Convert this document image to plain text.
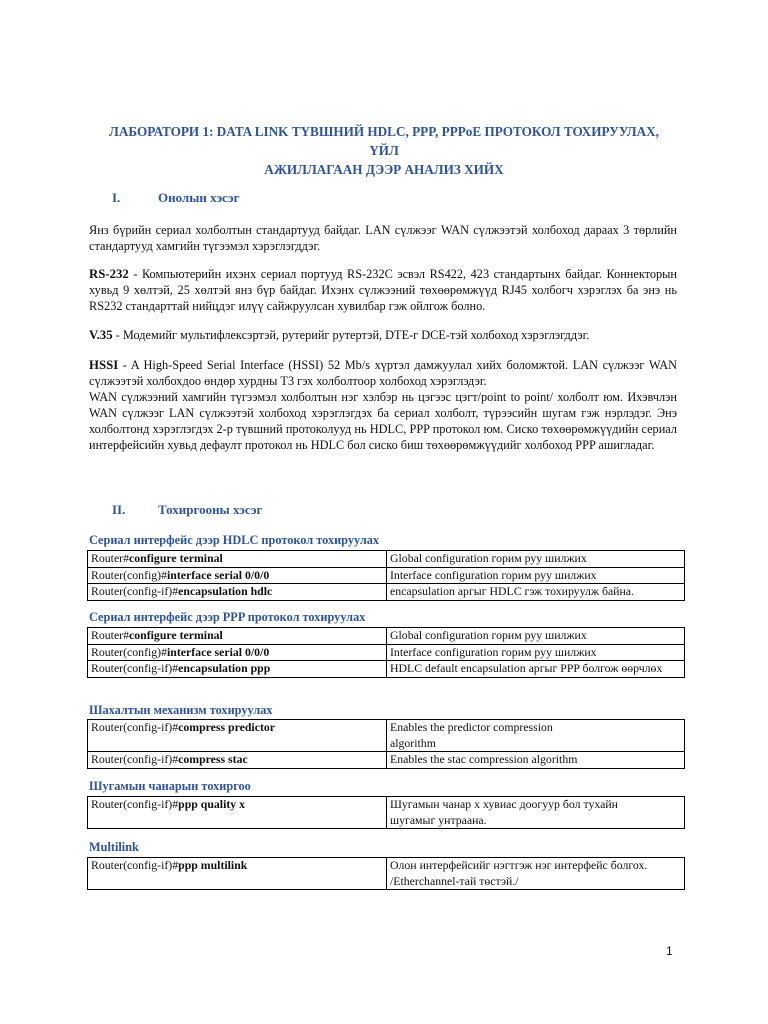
ЛАБОРАТОРИ 1: DATA LINK ТҮВШНИЙ HDLC, PPP, PPPoE ПРОТОКОЛ ТОХИРУУЛАХ, ҮЙЛ
АЖИЛЛАГААН ДЭЭР АНАЛИЗ ХИЙХ
I.	Онолын хэсэг
Янз бүрийн сериал холболтын стандартууд байдаг. LAN сүлжээг WAN сүлжээтэй холбоход дараах 3 төрлийн стандартууд хамгийн түгээмэл хэрэглэгддэг.
RS-232 - Компьютерийн ихэнх сериал портууд RS-232C эсвэл RS422, 423 стандартынх байдаг. Коннекторын хувьд 9 хөлтэй, 25 хөлтэй янз бүр байдаг. Ихэнх сүлжээний төхөөрөмжүүд RJ45 холбогч хэрэглэх ба энэ нь RS232 стандарттай нийцдэг илүү сайжруулсан хувилбар гэж ойлгож болно.
V.35 - Модемийг мультифлексэртэй, рутерийг рутертэй, DTE-г DCE-тэй холбоход хэрэглэгддэг.
HSSI - A High-Speed Serial Interface (HSSI) 52 Mb/s хүртэл дамжуулал хийх боломжтой. LAN сүлжээг WAN сүлжээтэй холбохдоо өндөр хурдны T3 гэх холболтоор холбоход хэрэглэдэг.
WAN сүлжээний хамгийн түгээмэл холболтын нэг хэлбэр нь цэгээс цэгт/point to point/ холболт юм. Ихэвчлэн WAN сүлжээг LAN сүлжээтэй холбоход хэрэглэгдэх ба сериал холболт, түрээсийн шугам гэж нэрлэдэг. Энэ холболтонд хэрэглэгдэх 2-р түвшний протоколууд нь HDLC, PPP протокол юм. Сиско төхөөрөмжүүдийн сериал интерфейсийн хувьд дефаулт протокол нь HDLC бол сиско биш төхөөрөмжүүдийг холбоход PPP ашигладаг.
II.	Тохиргооны хэсэг
Сериал интерфейс дээр HDLC протокол тохируулах
Router#configure terminal	Global configuration горим руу шилжих
Router(config)#interface serial 0/0/0	Interface configuration горим руу шилжих
Router(config-if)#encapsulation hdlc	encapsulation аргыг HDLC гэж тохируулж байна.
Сериал интерфейс дээр PPP протокол тохируулах
Router#configure terminal	Global configuration горим руу шилжих
Router(config)#interface serial 0/0/0	Interface configuration горим руу шилжих
Router(config-if)#encapsulation ppp	HDLC default encapsulation аргыг PPP болгож өөрчлөх
Шахалтын механизм тохируулах
Router(config-if)#compress predictor	Enables the predictor compression algorithm
Router(config-if)#compress stac	Enables the stac compression algorithm
Шугамын чанарын тохиргоо
Router(config-if)#ppp quality x	Шугамын чанар x хувиас доогуур бол тухайн шугамыг унтраана.
Multilink
Router(config-if)#ppp multilink	Олон интерфейсийг нэгтгэж нэг интерфейс болгох. /Etherchannel-тай төстэй./
1
